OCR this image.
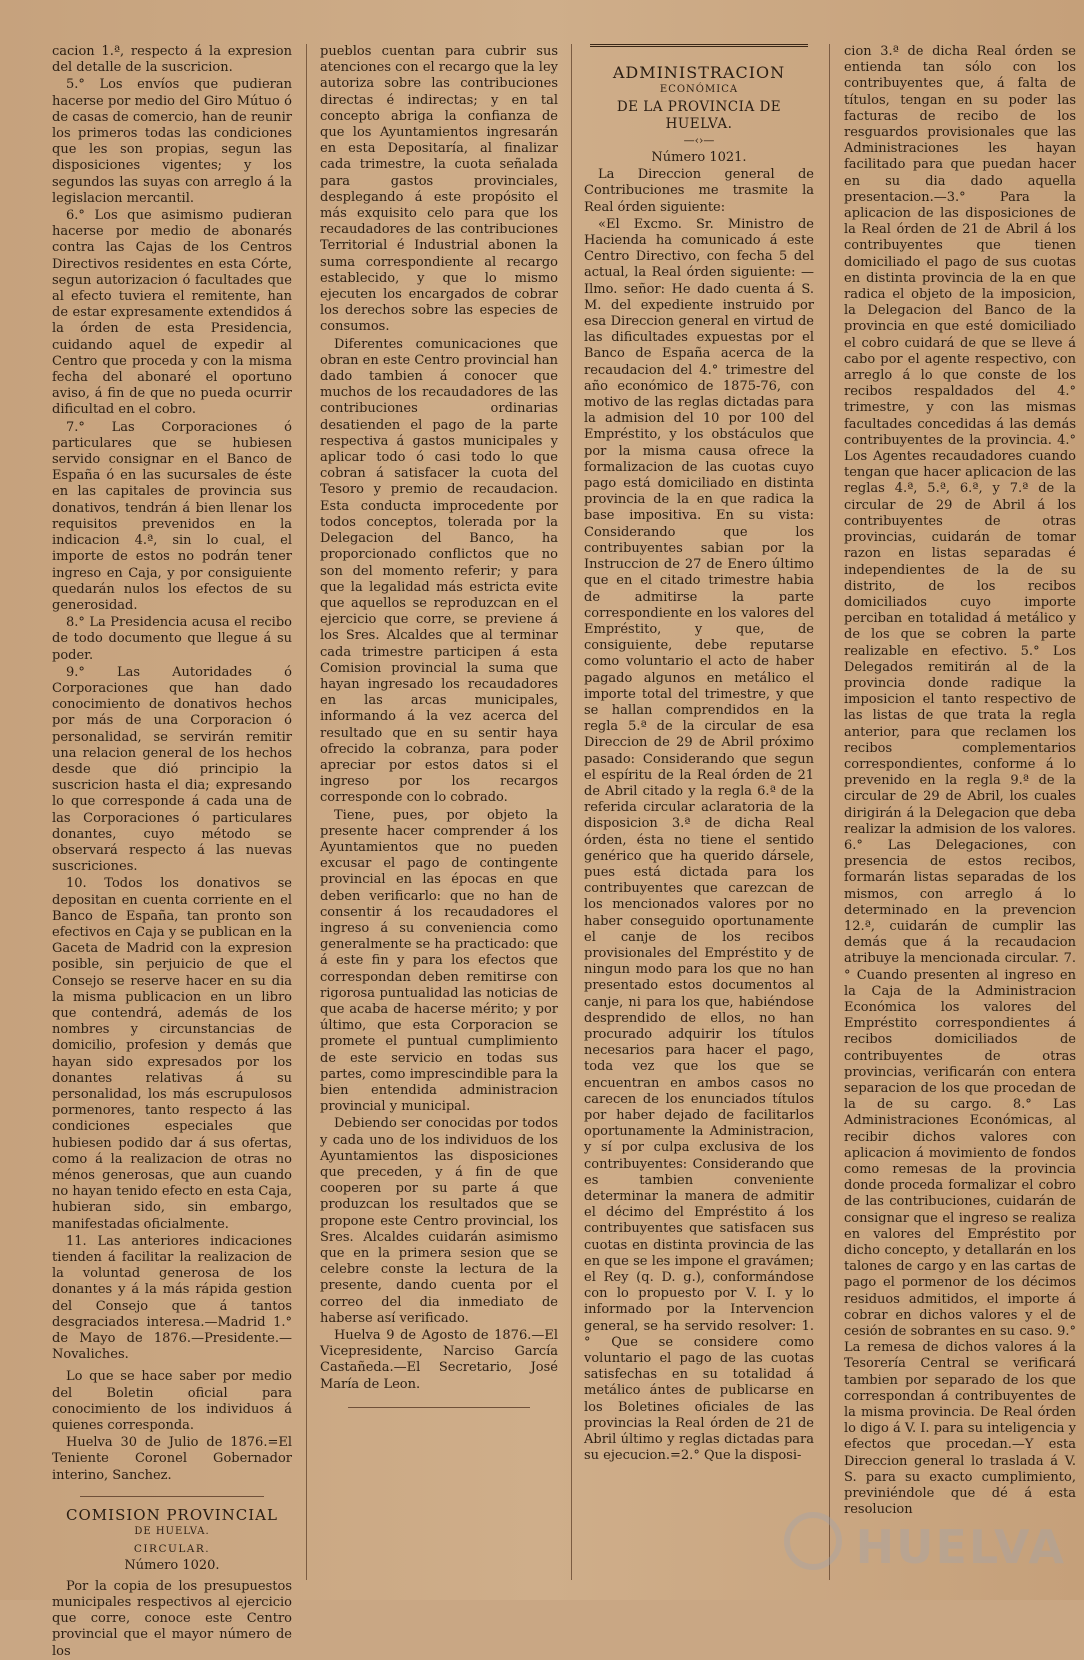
cacion 1.ª, respecto á la expresion del detalle de la suscricion.

5.° Los envíos que pudieran hacerse por medio del Giro Mútuo ó de casas de comercio, han de reunir los primeros todas las condiciones que les son propias, segun las disposiciones vigentes; y los segundos las suyas con arreglo á la legislacion mercantil.

6.° Los que asimismo pudieran hacerse por medio de abonarés contra las Cajas de los Centros Directivos residentes en esta Córte, segun autorizacion ó facultades que al efecto tuviera el remitente, han de estar expresamente extendidos á la órden de esta Presidencia, cuidando aquel de expedir al Centro que proceda y con la misma fecha del abonaré el oportuno aviso, á fin de que no pueda ocurrir dificultad en el cobro.

7.° Las Corporaciones ó particulares que se hubiesen servido consignar en el Banco de España ó en las sucursales de éste en las capitales de provincia sus donativos, tendrán á bien llenar los requisitos prevenidos en la indicacion 4.ª, sin lo cual, el importe de estos no podrán tener ingreso en Caja, y por consiguiente quedarán nulos los efectos de su generosidad.

8.° La Presidencia acusa el recibo de todo documento que llegue á su poder.

9.° Las Autoridades ó Corporaciones que han dado conocimiento de donativos hechos por más de una Corporacion ó personalidad, se servirán remitir una relacion general de los hechos desde que dió principio la suscricion hasta el dia; expresando lo que corresponde á cada una de las Corporaciones ó particulares donantes, cuyo método se observará respecto á las nuevas suscriciones.

10. Todos los donativos se depositan en cuenta corriente en el Banco de España, tan pronto son efectivos en Caja y se publican en la Gaceta de Madrid con la expresion posible, sin perjuicio de que el Consejo se reserve hacer en su dia la misma publicacion en un libro que contendrá, además de los nombres y circunstancias de domicilio, profesion y demás que hayan sido expresados por los donantes relativas á su personalidad, los más escrupulosos pormenores, tanto respecto á las condiciones especiales que hubiesen podido dar á sus ofertas, como á la realizacion de otras no ménos generosas, que aun cuando no hayan tenido efecto en esta Caja, hubieran sido, sin embargo, manifestadas oficialmente.

11. Las anteriores indicaciones tienden á facilitar la realizacion de la voluntad generosa de los donantes y á la más rápida gestion del Consejo que á tantos desgraciados interesa.—Madrid 1.° de Mayo de 1876.—Presidente.—Novaliches.

Lo que se hace saber por medio del Boletin oficial para conocimiento de los individuos á quienes corresponda.

Huelva 30 de Julio de 1876.=El Teniente Coronel Gobernador interino, Sanchez.

COMISION PROVINCIAL

DE HUELVA.

CIRCULAR.

Número 1020.

Por la copia de los presupuestos municipales respectivos al ejercicio que corre, conoce este Centro provincial que el mayor número de los

pueblos cuentan para cubrir sus atenciones con el recargo que la ley autoriza sobre las contribuciones directas é indirectas; y en tal concepto abriga la confianza de que los Ayuntamientos ingresarán en esta Depositaría, al finalizar cada trimestre, la cuota señalada para gastos provinciales, desplegando á este propósito el más exquisito celo para que los recaudadores de las contribuciones Territorial é Industrial abonen la suma correspondiente al recargo establecido, y que lo mismo ejecuten los encargados de cobrar los derechos sobre las especies de consumos.

Diferentes comunicaciones que obran en este Centro provincial han dado tambien á conocer que muchos de los recaudadores de las contribuciones ordinarias desatienden el pago de la parte respectiva á gastos municipales y aplicar todo ó casi todo lo que cobran á satisfacer la cuota del Tesoro y premio de recaudacion. Esta conducta improcedente por todos conceptos, tolerada por la Delegacion del Banco, ha proporcionado conflictos que no son del momento referir; y para que la legalidad más estricta evite que aquellos se reproduzcan en el ejercicio que corre, se previene á los Sres. Alcaldes que al terminar cada trimestre participen á esta Comision provincial la suma que hayan ingresado los recaudadores en las arcas municipales, informando á la vez acerca del resultado que en su sentir haya ofrecido la cobranza, para poder apreciar por estos datos si el ingreso por los recargos corresponde con lo cobrado.

Tiene, pues, por objeto la presente hacer comprender á los Ayuntamientos que no pueden excusar el pago de contingente provincial en las épocas en que deben verificarlo: que no han de consentir á los recaudadores el ingreso á su conveniencia como generalmente se ha practicado: que á este fin y para los efectos que correspondan deben remitirse con rigorosa puntualidad las noticias de que acaba de hacerse mérito; y por último, que esta Corporacion se promete el puntual cumplimiento de este servicio en todas sus partes, como imprescindible para la bien entendida administracion provincial y municipal.

Debiendo ser conocidas por todos y cada uno de los individuos de los Ayuntamientos las disposiciones que preceden, y á fin de que cooperen por su parte á que produzcan los resultados que se propone este Centro provincial, los Sres. Alcaldes cuidarán asimismo que en la primera sesion que se celebre conste la lectura de la presente, dando cuenta por el correo del dia inmediato de haberse así verificado.

Huelva 9 de Agosto de 1876.—El Vicepresidente, Narciso García Castañeda.—El Secretario, José María de Leon.

ADMINISTRACION

ECONÓMICA

DE LA PROVINCIA DE HUELVA.

—‹›—

Número 1021.

La Direccion general de Contribuciones me trasmite la Real órden siguiente:

«El Excmo. Sr. Ministro de Hacienda ha comunicado á este Centro Directivo, con fecha 5 del actual, la Real órden siguiente: —Ilmo. señor: He dado cuenta á S. M. del expediente instruido por esa Direccion general en virtud de las dificultades expuestas por el Banco de España acerca de la recaudacion del 4.° trimestre del año económico de 1875-76, con motivo de las reglas dictadas para la admision del 10 por 100 del Empréstito, y los obstáculos que por la misma causa ofrece la formalizacion de las cuotas cuyo pago está domiciliado en distinta provincia de la en que radica la base impositiva. En su vista: Considerando que los contribuyentes sabian por la Instruccion de 27 de Enero último que en el citado trimestre habia de admitirse la parte correspondiente en los valores del Empréstito, y que, de consiguiente, debe reputarse como voluntario el acto de haber pagado algunos en metálico el importe total del trimestre, y que se hallan comprendidos en la regla 5.ª de la circular de esa Direccion de 29 de Abril próximo pasado: Considerando que segun el espíritu de la Real órden de 21 de Abril citado y la regla 6.ª de la referida circular aclaratoria de la disposicion 3.ª de dicha Real órden, ésta no tiene el sentido genérico que ha querido dársele, pues está dictada para los contribuyentes que carezcan de los mencionados valores por no haber conseguido oportunamente el canje de los recibos provisionales del Empréstito y de ningun modo para los que no han presentado estos documentos al canje, ni para los que, habiéndose desprendido de ellos, no han procurado adquirir los títulos necesarios para hacer el pago, toda vez que los que se encuentran en ambos casos no carecen de los enunciados títulos por haber dejado de facilitarlos oportunamente la Administracion, y sí por culpa exclusiva de los contribuyentes: Considerando que es tambien conveniente determinar la manera de admitir el décimo del Empréstito á los contribuyentes que satisfacen sus cuotas en distinta provincia de las en que se les impone el gravámen; el Rey (q. D. g.), conformándose con lo propuesto por V. I. y lo informado por la Intervencion general, se ha servido resolver: 1.° Que se considere como voluntario el pago de las cuotas satisfechas en su totalidad á metálico ántes de publicarse en los Boletines oficiales de las provincias la Real órden de 21 de Abril último y reglas dictadas para su ejecucion.=2.° Que la disposi-

cion 3.ª de dicha Real órden se entienda tan sólo con los contribuyentes que, á falta de títulos, tengan en su poder las facturas de recibo de los resguardos provisionales que las Administraciones les hayan facilitado para que puedan hacer en su dia dado aquella presentacion.—3.° Para la aplicacion de las disposiciones de la Real órden de 21 de Abril á los contribuyentes que tienen domiciliado el pago de sus cuotas en distinta provincia de la en que radica el objeto de la imposicion, la Delegacion del Banco de la provincia en que esté domiciliado el cobro cuidará de que se lleve á cabo por el agente respectivo, con arreglo á lo que conste de los recibos respaldados del 4.° trimestre, y con las mismas facultades concedidas á las demás contribuyentes de la provincia. 4.° Los Agentes recaudadores cuando tengan que hacer aplicacion de las reglas 4.ª, 5.ª, 6.ª, y 7.ª de la circular de 29 de Abril á los contribuyentes de otras provincias, cuidarán de tomar razon en listas separadas é independientes de la de su distrito, de los recibos domiciliados cuyo importe perciban en totalidad á metálico y de los que se cobren la parte realizable en efectivo. 5.° Los Delegados remitirán al de la provincia donde radique la imposicion el tanto respectivo de las listas de que trata la regla anterior, para que reclamen los recibos complementarios correspondientes, conforme á lo prevenido en la regla 9.ª de la circular de 29 de Abril, los cuales dirigirán á la Delegacion que deba realizar la admision de los valores. 6.° Las Delegaciones, con presencia de estos recibos, formarán listas separadas de los mismos, con arreglo á lo determinado en la prevencion 12.ª, cuidarán de cumplir las demás que á la recaudacion atribuye la mencionada circular. 7.° Cuando presenten al ingreso en la Caja de la Administracion Económica los valores del Empréstito correspondientes á recibos domiciliados de contribuyentes de otras provincias, verificarán con entera separacion de los que procedan de la de su cargo. 8.° Las Administraciones Económicas, al recibir dichos valores con aplicacion á movimiento de fondos como remesas de la provincia donde proceda formalizar el cobro de las contribuciones, cuidarán de consignar que el ingreso se realiza en valores del Empréstito por dicho concepto, y detallarán en los talones de cargo y en las cartas de pago el pormenor de los décimos residuos admitidos, el importe á cobrar en dichos valores y el de cesión de sobrantes en su caso. 9.° La remesa de dichos valores á la Tesorería Central se verificará tambien por separado de los que correspondan á contribuyentes de la misma provincia. De Real órden lo digo á V. I. para su inteligencia y efectos que procedan.—Y esta Direccion general lo traslada á V. S. para su exacto cumplimiento, previniéndole que dé á esta resolucion

HUELVA
